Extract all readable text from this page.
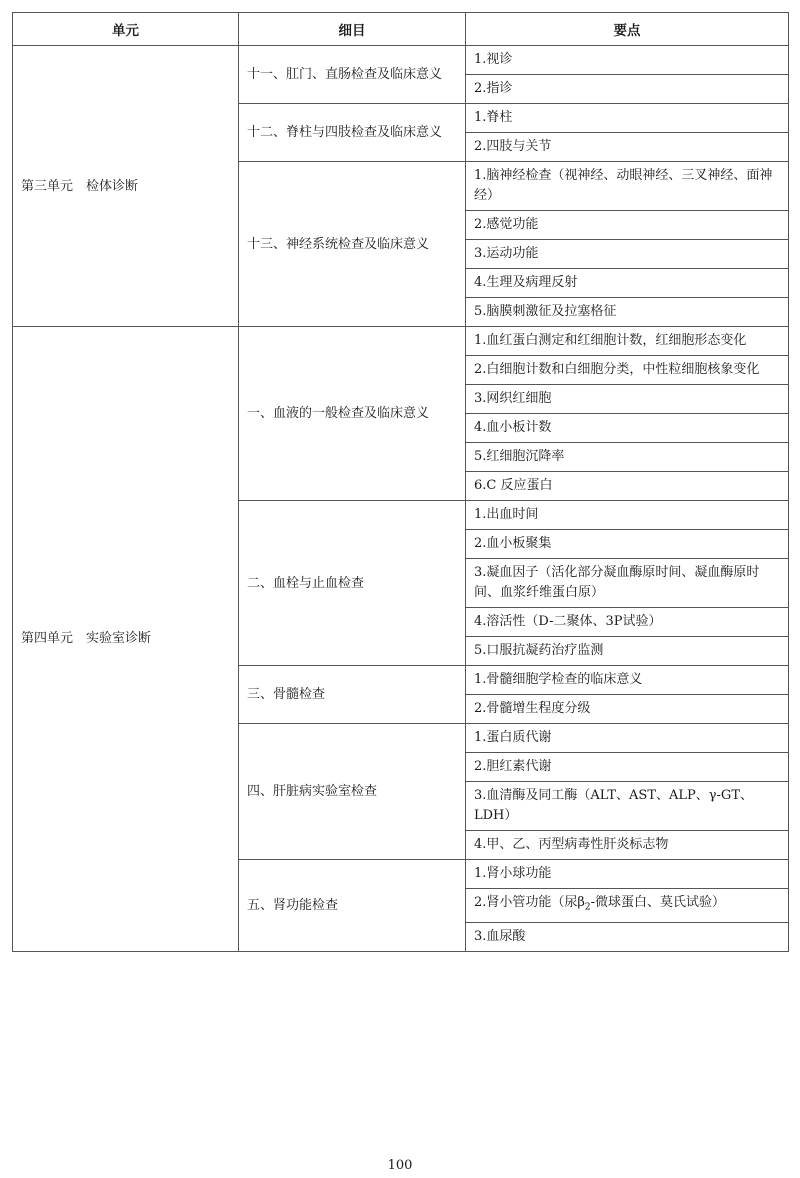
单元	细目	要点
第三单元　检体诊断	十一、肛门、直肠检查及临床意义	1.视诊
		2.指诊
	十二、脊柱与四肢检查及临床意义	1.脊柱
		2.四肢与关节
	十三、神经系统检查及临床意义	1.脑神经检查（视神经、动眼神经、三叉神经、面神经）
		2.感觉功能
		3.运动功能
		4.生理及病理反射
		5.脑膜刺激征及拉塞格征
第四单元　实验室诊断	一、血液的一般检查及临床意义	1.血红蛋白测定和红细胞计数，红细胞形态变化
		2.白细胞计数和白细胞分类，中性粒细胞核象变化
		3.网织红细胞
		4.血小板计数
		5.红细胞沉降率
		6.C 反应蛋白
	二、血栓与止血检查	1.出血时间
		2.血小板聚集
		3.凝血因子（活化部分凝血酶原时间、凝血酶原时间、血浆纤维蛋白原）
		4.溶活性（D-二聚体、3P试验）
		5.口服抗凝药治疗监测
	三、骨髓检查	1.骨髓细胞学检查的临床意义
		2.骨髓增生程度分级
	四、肝脏病实验室检查	1.蛋白质代谢
		2.胆红素代谢
		3.血清酶及同工酶（ALT、AST、ALP、γ-GT、LDH）
		4.甲、乙、丙型病毒性肝炎标志物
	五、肾功能检查	1.肾小球功能
		2.肾小管功能（尿$\beta_2-$微球蛋白、莫氏试验）
		3.血尿酸
100
